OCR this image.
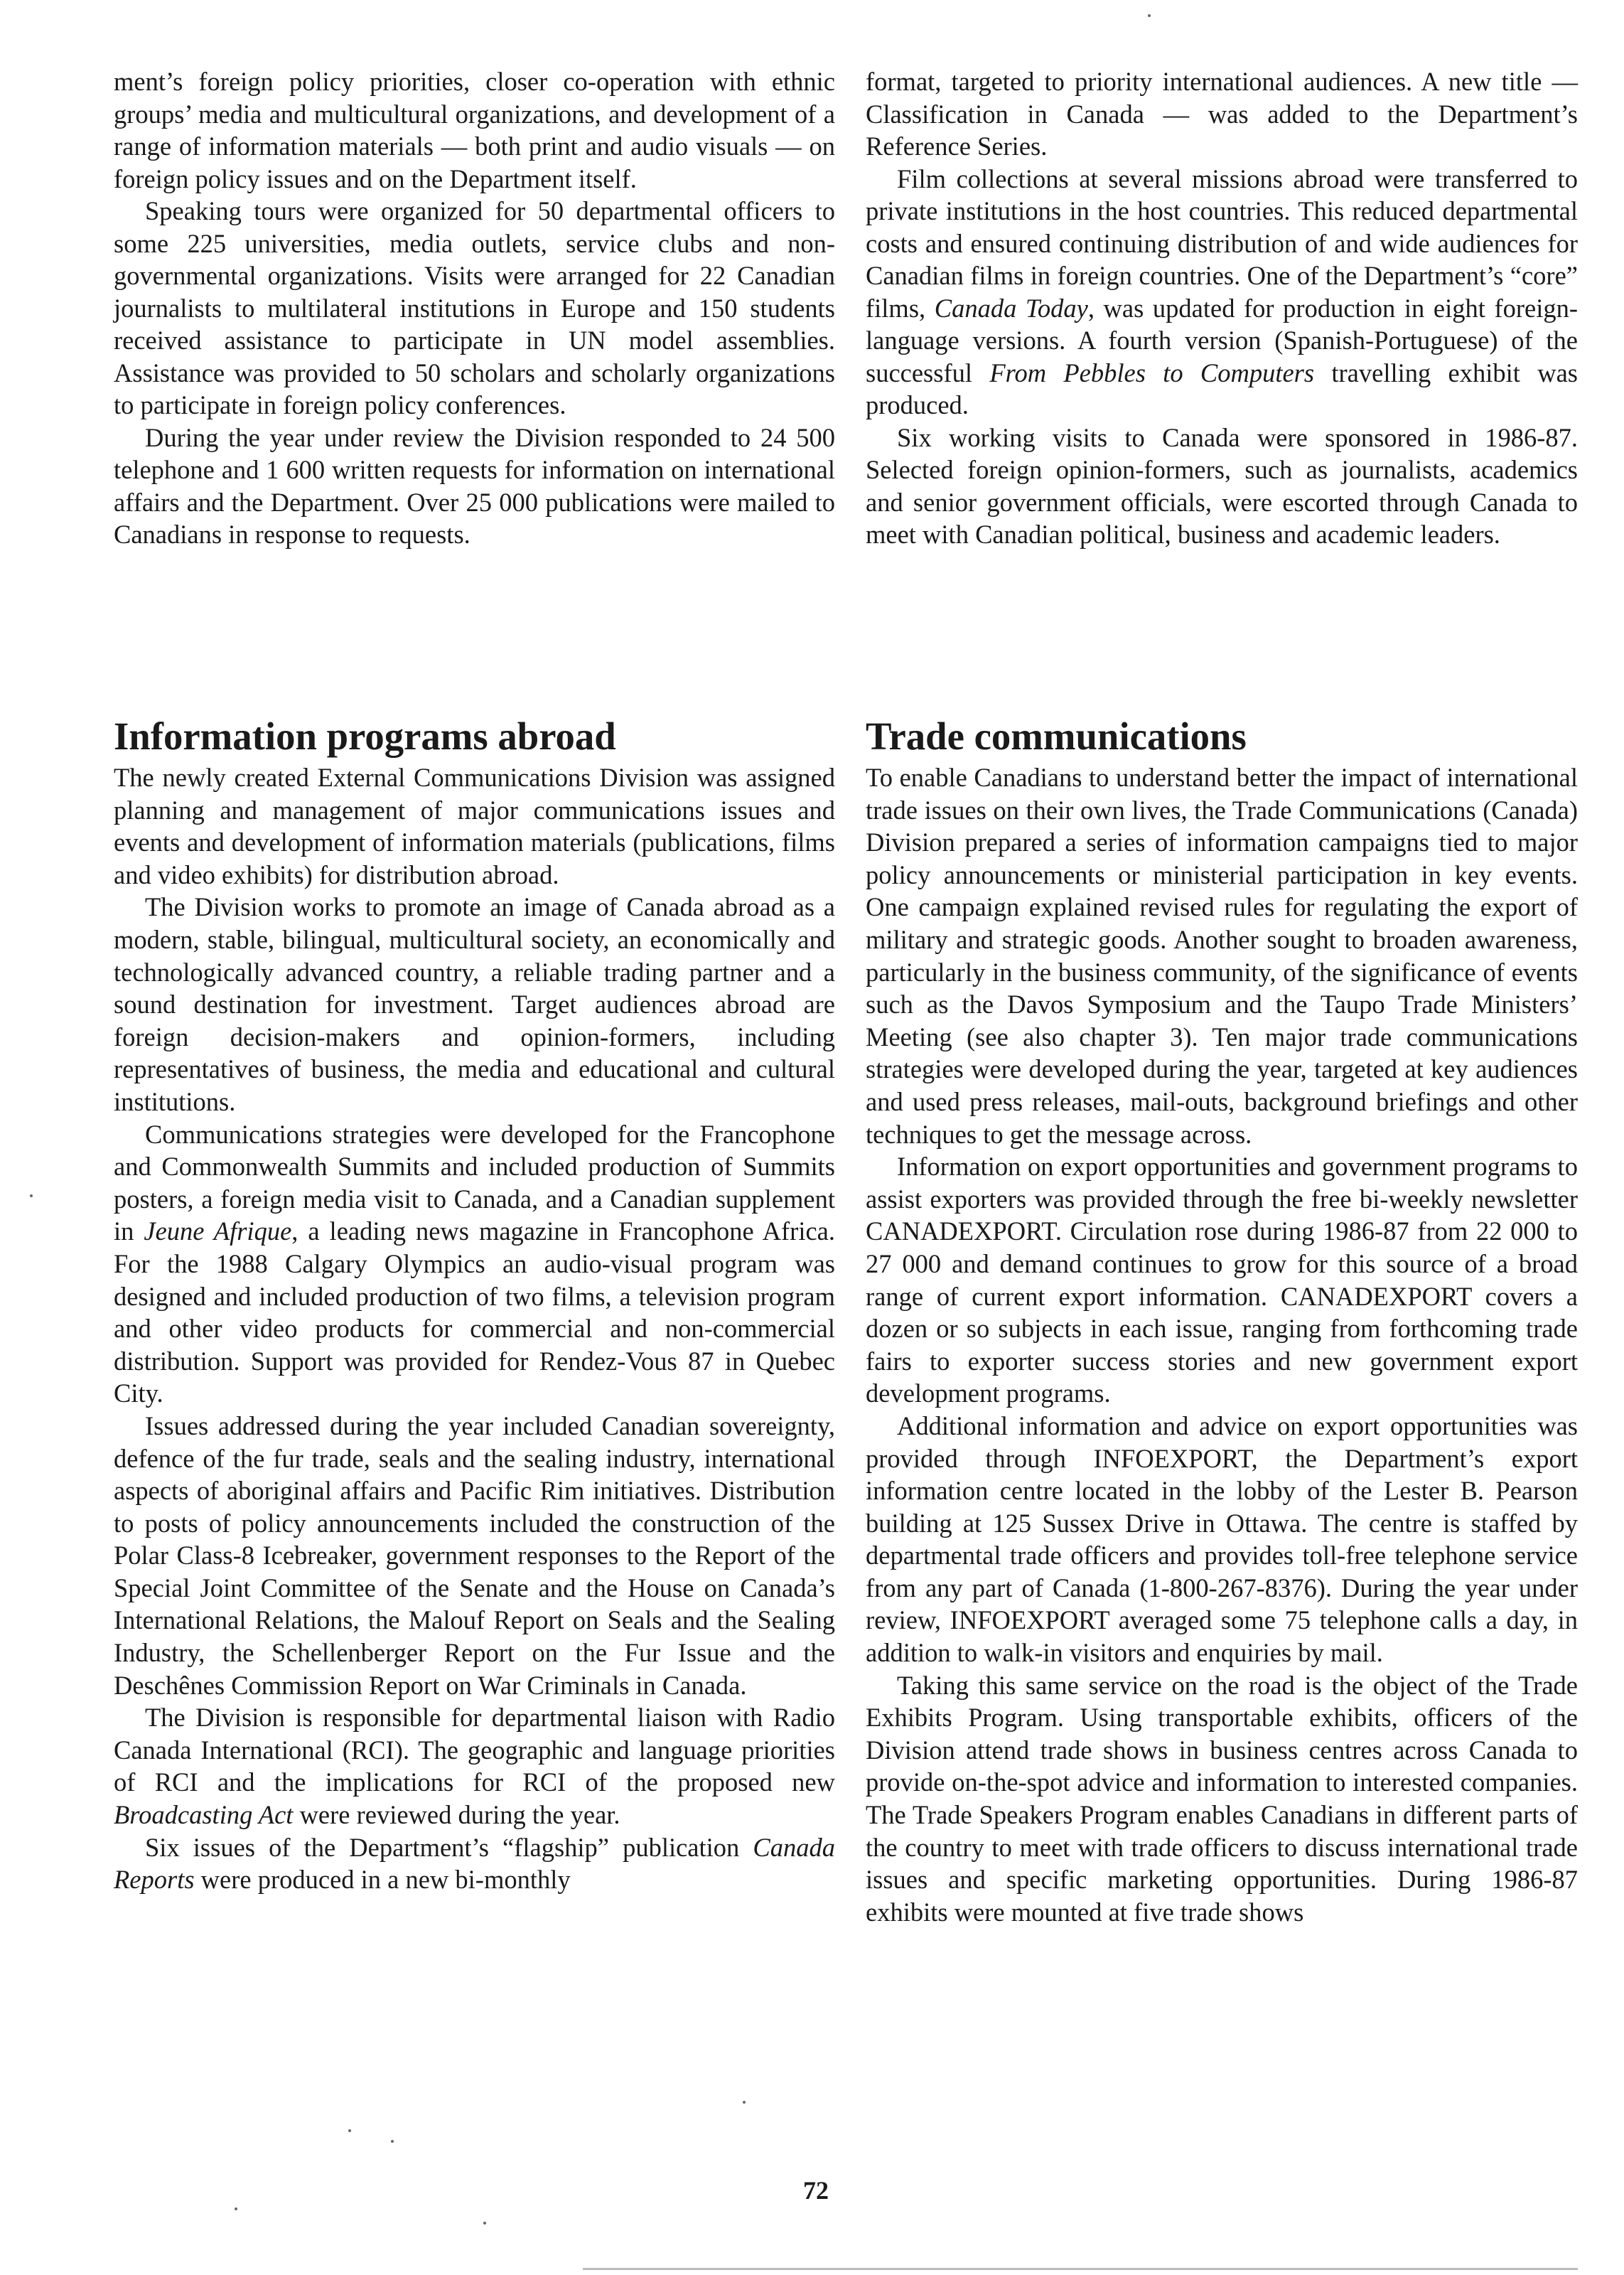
ment’s foreign policy priorities, closer co-operation with ethnic groups’ media and multicultural organizations, and development of a range of information materials — both print and audio visuals — on foreign policy issues and on the Department itself.

Speaking tours were organized for 50 departmental officers to some 225 universities, media outlets, service clubs and non-governmental organizations. Visits were arranged for 22 Canadian journalists to multilateral institutions in Europe and 150 students received assistance to participate in UN model assemblies. Assistance was provided to 50 scholars and scholarly organizations to participate in foreign policy conferences.

During the year under review the Division responded to 24 500 telephone and 1 600 written requests for information on international affairs and the Department. Over 25 000 publications were mailed to Canadians in response to requests.

format, targeted to priority international audiences. A new title — Classification in Canada — was added to the Department’s Reference Series.

Film collections at several missions abroad were transferred to private institutions in the host countries. This reduced departmental costs and ensured continuing distribution of and wide audiences for Canadian films in foreign countries. One of the Department’s “core” films, Canada Today, was updated for production in eight foreign-language versions. A fourth version (Spanish-Portuguese) of the successful From Pebbles to Computers travelling exhibit was produced.

Six working visits to Canada were sponsored in 1986-87. Selected foreign opinion-formers, such as journalists, academics and senior government officials, were escorted through Canada to meet with Canadian political, business and academic leaders.

Information programs abroad

The newly created External Communications Division was assigned planning and management of major communications issues and events and development of information materials (publications, films and video exhibits) for distribution abroad.

The Division works to promote an image of Canada abroad as a modern, stable, bilingual, multicultural society, an economically and technologically advanced country, a reliable trading partner and a sound destination for investment. Target audiences abroad are foreign decision-makers and opinion-formers, including representatives of business, the media and educational and cultural institutions.

Communications strategies were developed for the Francophone and Commonwealth Summits and included production of Summits posters, a foreign media visit to Canada, and a Canadian supplement in Jeune Afrique, a leading news magazine in Francophone Africa. For the 1988 Calgary Olympics an audio-visual program was designed and included production of two films, a television program and other video products for commercial and non-commercial distribution. Support was provided for Rendez-Vous 87 in Quebec City.

Issues addressed during the year included Canadian sovereignty, defence of the fur trade, seals and the sealing industry, international aspects of aboriginal affairs and Pacific Rim initiatives. Distribution to posts of policy announcements included the construction of the Polar Class-8 Icebreaker, government responses to the Report of the Special Joint Committee of the Senate and the House on Canada’s International Relations, the Malouf Report on Seals and the Sealing Industry, the Schellenberger Report on the Fur Issue and the Deschênes Commission Report on War Criminals in Canada.

The Division is responsible for departmental liaison with Radio Canada International (RCI). The geographic and language priorities of RCI and the implications for RCI of the proposed new Broadcasting Act were reviewed during the year.

Six issues of the Department’s “flagship” publication Canada Reports were produced in a new bi-monthly

Trade communications

To enable Canadians to understand better the impact of international trade issues on their own lives, the Trade Communications (Canada) Division prepared a series of information campaigns tied to major policy announcements or ministerial participation in key events. One campaign explained revised rules for regulating the export of military and strategic goods. Another sought to broaden awareness, particularly in the business community, of the significance of events such as the Davos Symposium and the Taupo Trade Ministers’ Meeting (see also chapter 3). Ten major trade communications strategies were developed during the year, targeted at key audiences and used press releases, mail-outs, background briefings and other techniques to get the message across.

Information on export opportunities and government programs to assist exporters was provided through the free bi-weekly newsletter CANADEXPORT. Circulation rose during 1986-87 from 22 000 to 27 000 and demand continues to grow for this source of a broad range of current export information. CANADEXPORT covers a dozen or so subjects in each issue, ranging from forthcoming trade fairs to exporter success stories and new government export development programs.

Additional information and advice on export opportunities was provided through INFOEXPORT, the Department’s export information centre located in the lobby of the Lester B. Pearson building at 125 Sussex Drive in Ottawa. The centre is staffed by departmental trade officers and provides toll-free telephone service from any part of Canada (1-800-267-8376). During the year under review, INFOEXPORT averaged some 75 telephone calls a day, in addition to walk-in visitors and enquiries by mail.

Taking this same service on the road is the object of the Trade Exhibits Program. Using transportable exhibits, officers of the Division attend trade shows in business centres across Canada to provide on-the-spot advice and information to interested companies. The Trade Speakers Program enables Canadians in different parts of the country to meet with trade officers to discuss international trade issues and specific marketing opportunities. During 1986-87 exhibits were mounted at five trade shows

72
